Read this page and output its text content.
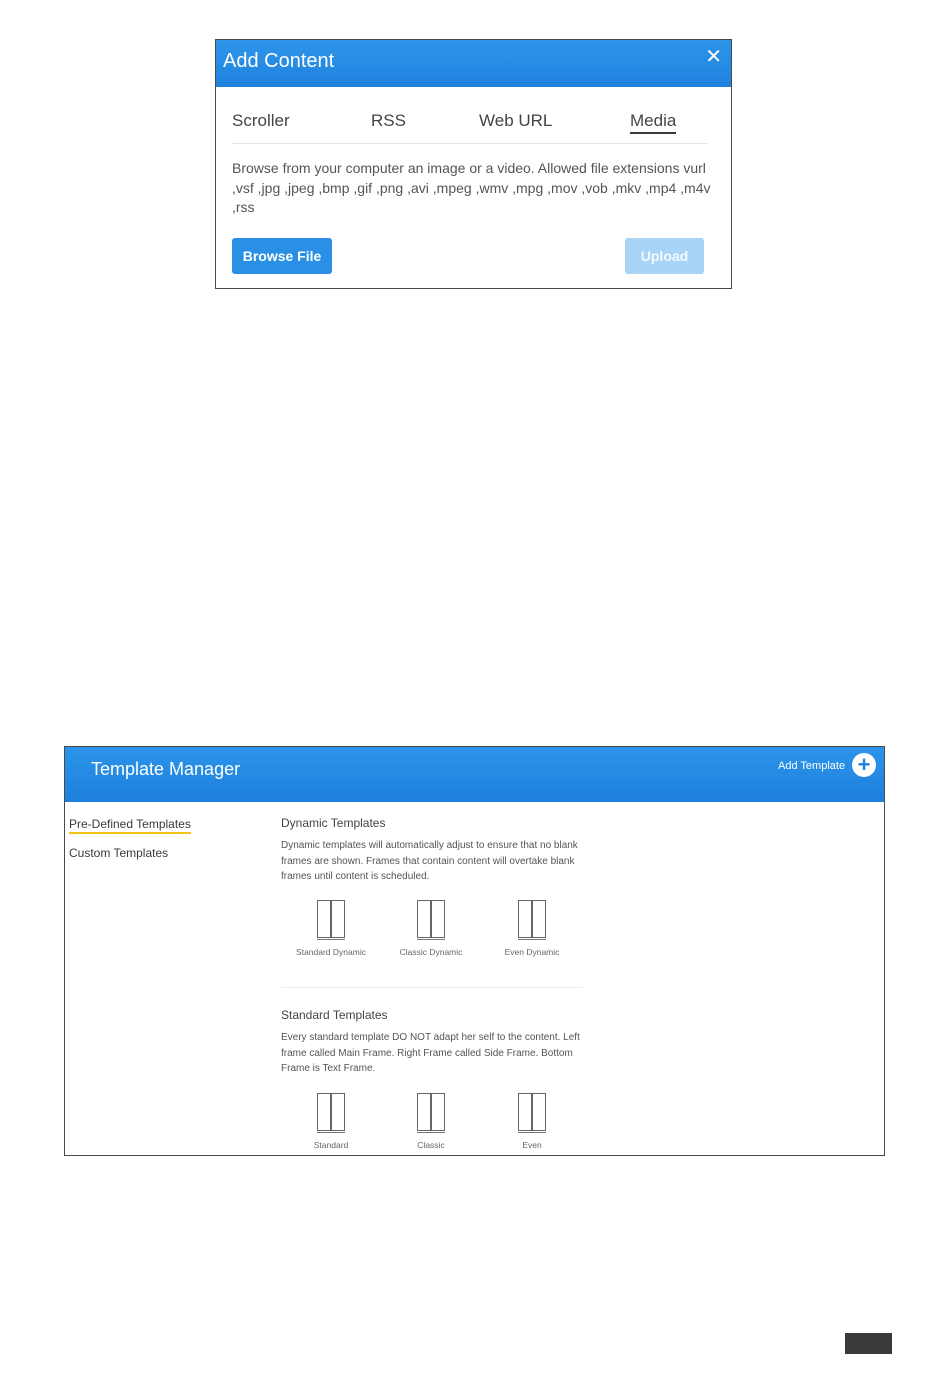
Add Content	✕
Scroller	RSS	Web URL	Media
Browse from your computer an image or a video. Allowed file extensions vurl ,vsf ,jpg ,jpeg ,bmp ,gif ,png ,avi ,mpeg ,wmv ,mpg ,mov ,vob ,mkv ,mp4 ,m4v ,rss
Browse File	Upload
Template Manager	Add Template +
Pre-Defined Templates
Custom Templates
Dynamic Templates
Dynamic templates will automatically adjust to ensure that no blank frames are shown. Frames that contain content will overtake blank frames until content is scheduled.
Standard Dynamic	Classic Dynamic	Even Dynamic
Standard Templates
Every standard template DO NOT adapt her self to the content. Left frame called Main Frame. Right Frame called Side Frame. Bottom Frame is Text Frame.
Standard	Classic	Even
